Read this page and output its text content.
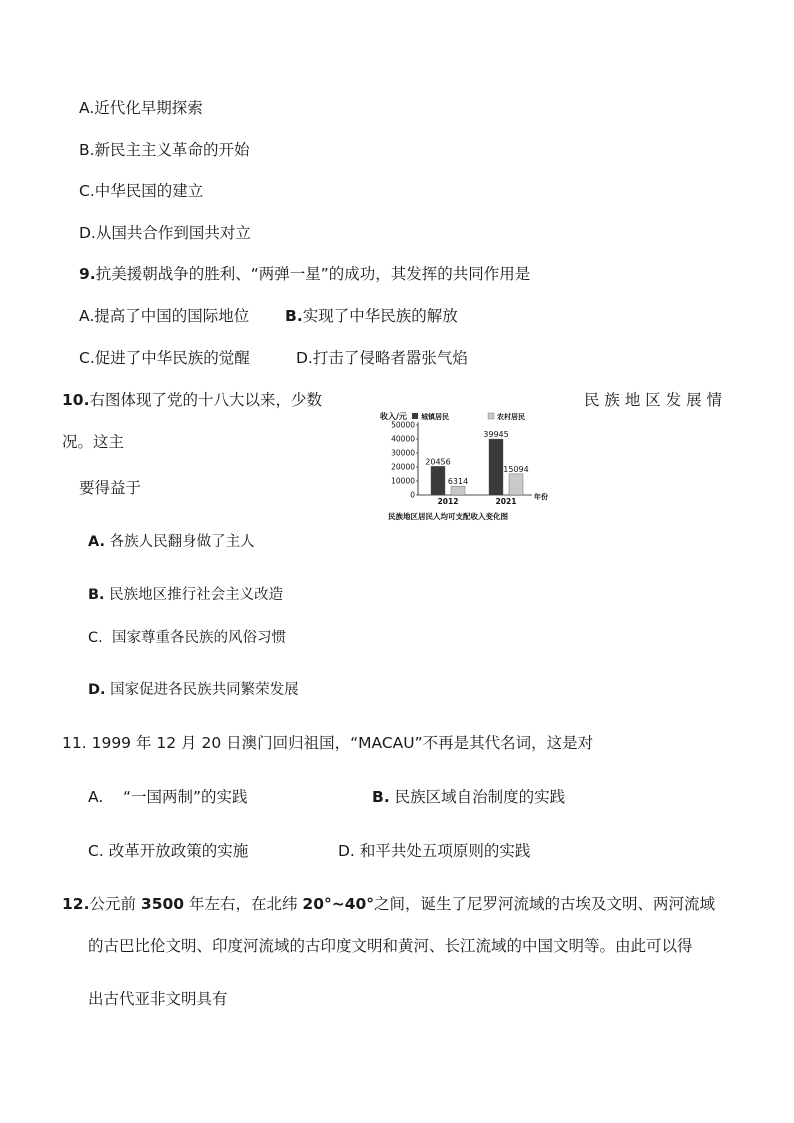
A.近代化早期探索
B.新民主主义革命的开始
C.中华民国的建立
D.从国共合作到国共对立
9.抗美援朝战争的胜利、“两弹一星”的成功，其发挥的共同作用是
A.提高了中国的国际地位 B.实现了中华民族的解放
C.促进了中华民族的觉醒	D.打击了侵略者嚣张气焰
10.右图体现了党的十八大以来，少数	民 族 地 区 发 展 情
况。这主
要得益于
收入/元 城镇居民	农村居民
0
10000
20000
30000
40000
50000
20456
6314
2012
39945
15094
2021	年份
民族地区居民人均可支配收入变化图
A. 各族人民翻身做了主人
B. 民族地区推行社会主义改造
C. 国家尊重各民族的风俗习惯
D. 国家促进各民族共同繁荣发展
11. 1999 年 12 月 20 日澳门回归祖国，“MACAU”不再是其代名词，这是对
A. “一国两制”的实践	B. 民族区域自治制度的实践
C. 改革开放政策的实施	D. 和平共处五项原则的实践
12.公元前 3500 年左右，在北纬 20°~40°之间，诞生了尼罗河流域的古埃及文明、两河流域
的古巴比伦文明、印度河流域的古印度文明和黄河、长江流域的中国文明等。由此可以得
出古代亚非文明具有
